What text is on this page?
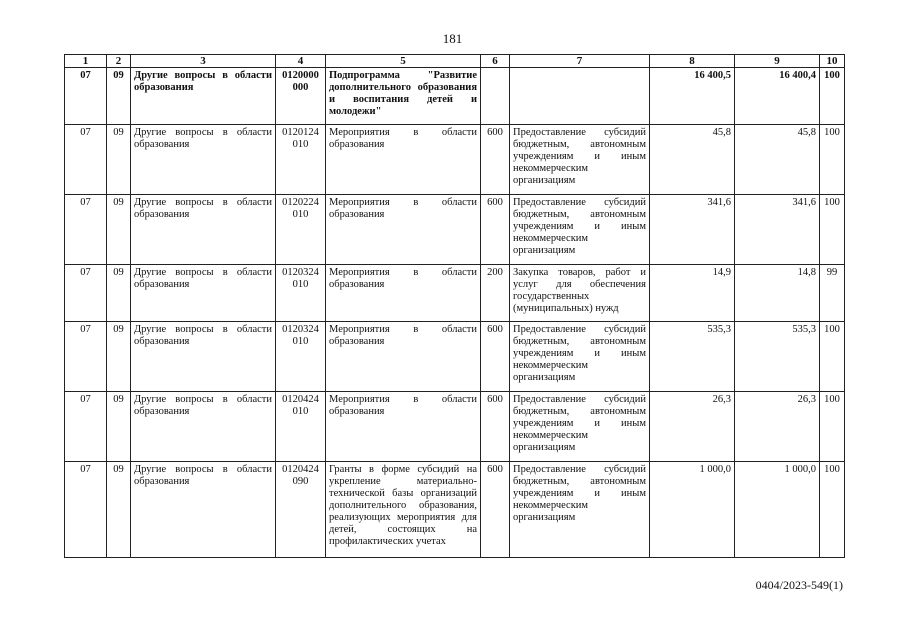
181
1	2	3	4	5	6	7	8	9	10
07	09	Другие вопросы в области образования	0120000 000	Подпрограмма "Развитие дополнительного образования и воспитания детей и молодежи"			16 400,5	16 400,4	100
07	09	Другие вопросы в области образования	0120124 010	Мероприятия в области образования	600	Предоставление субсидий бюджетным, автономным учреждениям и иным некоммерческим организациям	45,8	45,8	100
07	09	Другие вопросы в области образования	0120224 010	Мероприятия в области образования	600	Предоставление субсидий бюджетным, автономным учреждениям и иным некоммерческим организациям	341,6	341,6	100
07	09	Другие вопросы в области образования	0120324 010	Мероприятия в области образования	200	Закупка товаров, работ и услуг для обеспечения государственных (муниципальных) нужд	14,9	14,8	99
07	09	Другие вопросы в области образования	0120324 010	Мероприятия в области образования	600	Предоставление субсидий бюджетным, автономным учреждениям и иным некоммерческим организациям	535,3	535,3	100
07	09	Другие вопросы в области образования	0120424 010	Мероприятия в области образования	600	Предоставление субсидий бюджетным, автономным учреждениям и иным некоммерческим организациям	26,3	26,3	100
07	09	Другие вопросы в области образования	0120424 090	Гранты в форме субсидий на укрепление материально-технической базы организаций дополнительного образования, реализующих мероприятия для детей, состоящих на профилактических учетах	600	Предоставление субсидий бюджетным, автономным учреждениям и иным некоммерческим организациям	1 000,0	1 000,0	100
0404/2023-549(1)
